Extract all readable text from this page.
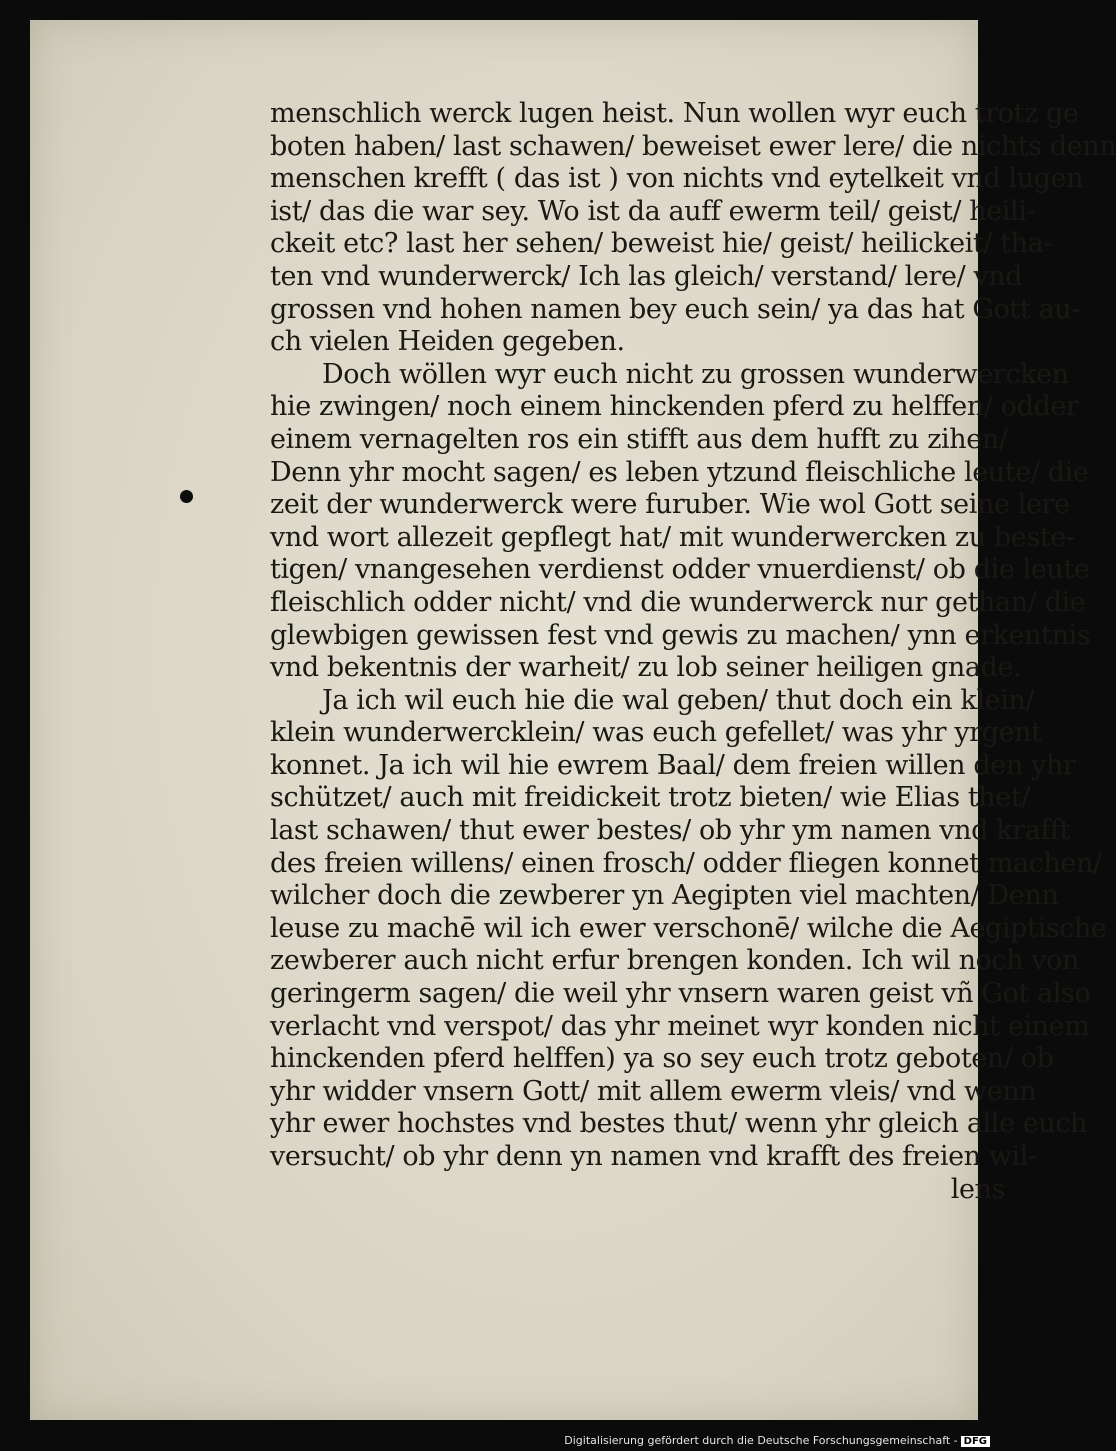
menschlich werck lugen heist. Nun wollen wyr euch trotz ge
boten haben/ last schawen/ beweiset ewer lere/ die nichts denn
menschen krefft ( das ist ) von nichts vnd eytelkeit vnd lugen
ist/ das die war sey. Wo ist da auff ewerm teil/ geist/ heili-
ckeit etc? last her sehen/ beweist hie/ geist/ heilickeit/ tha-
ten vnd wunderwerck/ Ich las gleich/ verstand/ lere/ vnd
grossen vnd hohen namen bey euch sein/ ya das hat Gott au-
ch vielen Heiden gegeben.
Doch wöllen wyr euch nicht zu grossen wunderwercken
hie zwingen/ noch einem hinckenden pferd zu helffen/ odder
einem vernagelten ros ein stifft aus dem hufft zu zihen/
Denn yhr mocht sagen/ es leben ytzund fleischliche leute/ die
zeit der wunderwerck were furuber. Wie wol Gott seine lere
vnd wort allezeit gepflegt hat/ mit wunderwercken zu beste-
tigen/ vnangesehen verdienst odder vnuerdienst/ ob die leute
fleischlich odder nicht/ vnd die wunderwerck nur gethan/ die
glewbigen gewissen fest vnd gewis zu machen/ ynn erkentnis
vnd bekentnis der warheit/ zu lob seiner heiligen gnade.
Ja ich wil euch hie die wal geben/ thut doch ein klein/
klein wunderwercklein/ was euch gefellet/ was yhr yrgent
konnet. Ja ich wil hie ewrem Baal/ dem freien willen den yhr
schützet/ auch mit freidickeit trotz bieten/ wie Elias thet/
last schawen/ thut ewer bestes/ ob yhr ym namen vnd krafft
des freien willens/ einen frosch/ odder fliegen konnet machen/
wilcher doch die zewberer yn Aegipten viel machten/ Denn
leuse zu machē wil ich ewer verschonē/ wilche die Aegiptische
zewberer auch nicht erfur brengen konden. Ich wil noch von
geringerm sagen/ die weil yhr vnsern waren geist vñ Got also
verlacht vnd verspot/ das yhr meinet wyr konden nicht einem
hinckenden pferd helffen) ya so sey euch trotz geboten/ ob
yhr widder vnsern Gott/ mit allem ewerm vleis/ vnd wenn
yhr ewer hochstes vnd bestes thut/ wenn yhr gleich alle euch
versucht/ ob yhr denn yn namen vnd krafft des freien wil-
lens
Digitalisierung gefördert durch die Deutsche Forschungsgemeinschaft - DFG
